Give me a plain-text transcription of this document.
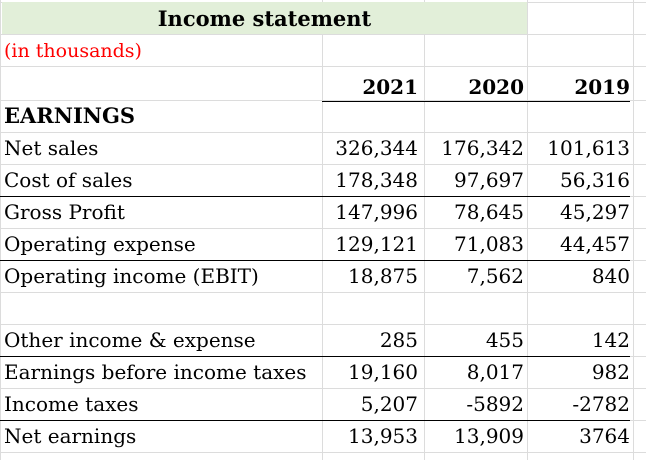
Income statement
(in thousands)
2021	2020	2019
EARNINGS
Net sales	326,344	176,342	101,613
Cost of sales	178,348	97,697	56,316
Gross Profit	147,996	78,645	45,297
Operating expense	129,121	71,083	44,457
Operating income (EBIT)	18,875	7,562	840
Other income & expense	285	455	142
Earnings before income taxes	19,160	8,017	982
Income taxes	5,207	-5892	-2782
Net earnings	13,953	13,909	3764
